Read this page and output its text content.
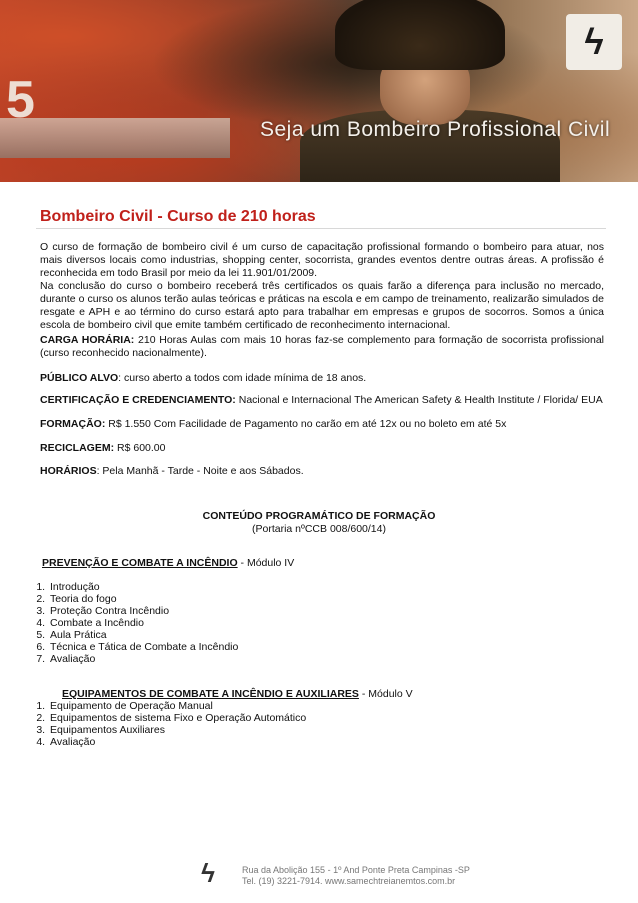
5
ϟ
Seja um Bombeiro Profissional Civil
Bombeiro Civil - Curso de 210 horas
O curso de formação de bombeiro civil é um curso de capacitação profissional formando o bombeiro para atuar, nos mais diversos locais como industrias, shopping center, socorrista, grandes eventos dentre outras áreas. A profissão é reconhecida em todo Brasil por meio da lei 11.901/01/2009.
Na conclusão do curso o bombeiro receberá três certificados os quais farão a diferença para inclusão no mercado, durante o curso os alunos terão aulas teóricas e práticas na escola e em campo de treinamento, realizarão simulados de resgate e APH e ao término do curso estará apto para trabalhar em empresas e grupos de socorros. Somos a única escola de bombeiro civil que emite também certificado de reconhecimento internacional.
CARGA HORÁRIA: 210 Horas Aulas com mais 10 horas faz-se complemento para formação de socorrista profissional (curso reconhecido nacionalmente).
PÚBLICO ALVO: curso aberto a todos com idade mínima de 18 anos.
CERTIFICAÇÃO E CREDENCIAMENTO: Nacional e Internacional The American Safety & Health Institute / Florida/ EUA
FORMAÇÃO: R$ 1.550 Com Facilidade de Pagamento no carão em até 12x ou no boleto em até 5x
RECICLAGEM: R$ 600.00
HORÁRIOS: Pela Manhã - Tarde - Noite e aos Sábados.
CONTEÚDO PROGRAMÁTICO DE FORMAÇÃO
(Portaria nºCCB 008/600/14)
PREVENÇÃO E COMBATE A INCÊNDIO - Módulo IV
1. Introdução
2. Teoria do fogo
3. Proteção Contra Incêndio
4. Combate a Incêndio
5. Aula Prática
6. Técnica e Tática de Combate a Incêndio
7. Avaliação
EQUIPAMENTOS DE COMBATE A INCÊNDIO E AUXILIARES - Módulo V
1. Equipamento de Operação Manual
2. Equipamentos de sistema Fixo e Operação Automático
3. Equipamentos Auxiliares
4. Avaliação
ϟ	Rua da Abolição 155 - 1º And Ponte Preta Campinas -SP
Tel. (19) 3221-7914. www.samechtreianemtos.com.br
